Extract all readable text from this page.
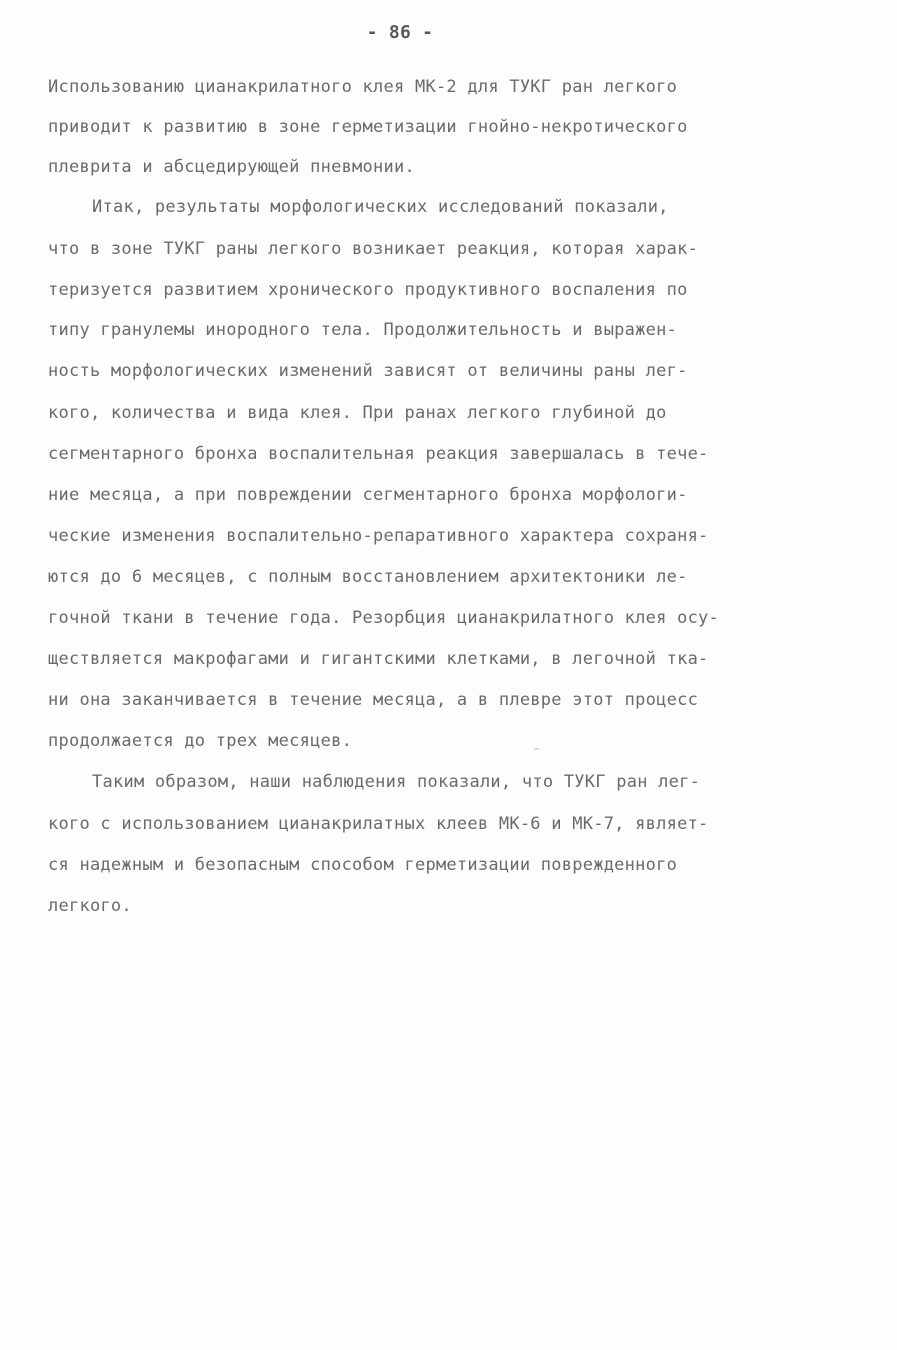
- 86 -
Использованию цианакрилатного клея МК-2 для ТУКГ ран легкого
приводит к развитию в зоне герметизации гнойно-некротического
плеврита и абсцедирующей пневмонии.
Итак, результаты морфологических исследований показали,
что в зоне ТУКГ раны легкого возникает реакция, которая харак-
теризуется развитием хронического продуктивного воспаления по
типу гранулемы инородного тела. Продолжительность и выражен-
ность морфологических изменений зависят от величины раны лег-
кого, количества и вида клея. При ранах легкого глубиной до
сегментарного бронха воспалительная реакция завершалась в тече-
ние месяца, а при повреждении сегментарного бронха морфологи-
ческие изменения воспалительно-репаративного характера сохраня-
ются до 6 месяцев, с полным восстановлением архитектоники ле-
гочной ткани в течение года. Резорбция цианакрилатного клея осу-
ществляется макрофагами и гигантскими клетками, в легочной тка-
ни она заканчивается в течение месяца, а в плевре этот процесс
продолжается до трех месяцев.
Таким образом, наши наблюдения показали, что ТУКГ ран лег-
кого с использованием цианакрилатных клеев МК-6 и МК-7, являет-
ся надежным и безопасным способом герметизации поврежденного
легкого.
